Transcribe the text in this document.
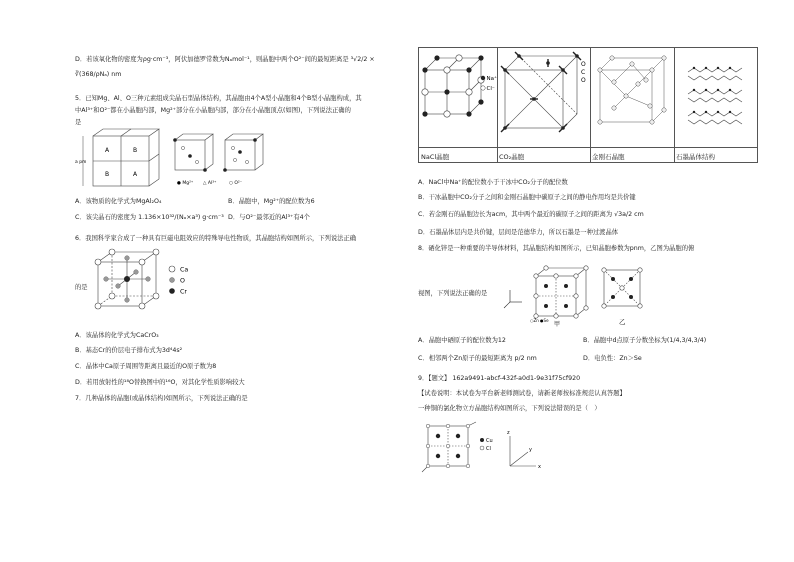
D．若该氧化物的密度为ρg·cm⁻³，阿伏加德罗常数为Nₐmol⁻¹，则晶胞中两个O²⁻间的最短距离是 ³√2/2 ×
∛(368/ρNₐ) nm
5．已知Mg、Al、O三种元素组成尖晶石型晶体结构，其晶胞由4个A型小晶胞和4个B型小晶胞构成，其
中Al³⁺和O²⁻都在小晶胞内部，Mg²⁺部分在小晶胞内部，部分在小晶胞顶点(如图)，下列说法正确的
是
A	B
B	A
a pm
● Mg²⁺ △ Al³⁺	○ O²⁻
A．该物质的化学式为MgAl₂O₄	B．晶胞中，Mg²⁺的配位数为6
C．该尖晶石的密度为 1.136×10³²/(Nₐ×a³) g·cm⁻³ D．与O²⁻最邻近的Al³⁺有4个
6．我国科学家合成了一种具有巨磁电阻效应的特殊导电性物质，其晶胞结构如图所示，下列说法正确
Ca
O
Cr
的是
A．该晶体的化学式为CaCrO₃
B．基态Cr的价层电子排布式为3d⁴4s²
C．晶体中Ca原子周围等距离且最近的O原子数为8
D．若用放射性的¹⁸O替换图中的¹⁶O，对其化学性质影响较大
7．几种晶体的晶胞(或晶体结构)如图所示，下列说法正确的是
Na⁺
Cl⁻
NaCl晶胞
O
C
O
CO₂晶胞	金刚石晶胞	石墨晶体结构
A．NaCl中Na⁺的配位数小于干冰中CO₂分子的配位数
B．干冰晶胞中CO₂分子之间和金刚石晶胞中碳原子之间的静电作用均是共价键
C．若金刚石的晶胞边长为acm，其中两个最近的碳原子之间的距离为 √3a/2 cm
D．石墨晶体层内是共价键，层间是范德华力，所以石墨是一种过渡晶体
8．硒化锌是一种重要的半导体材料，其晶胞结构如图所示，已知晶胞参数为pnm，乙图为晶胞的俯
甲	乙
○Zn ●Se
视图，下列说法正确的是
A．晶胞中硒原子的配位数为12	B．晶胞中d点原子分数坐标为(1/4,3/4,3/4)
C．相邻两个Zn原子的最短距离为 p/2 nm	D．电负性：Zn＞Se
9．【题文】 162a9491-abcf-432f-a0d1-9e31f75cf920
【试卷说明：本试卷为平台新老师测试卷，请新老师按标准规范认真答题】
一种铜的氯化物立方晶胞结构如图所示，下列说法错误的是（　）
Cu
Cl
z
y
x
